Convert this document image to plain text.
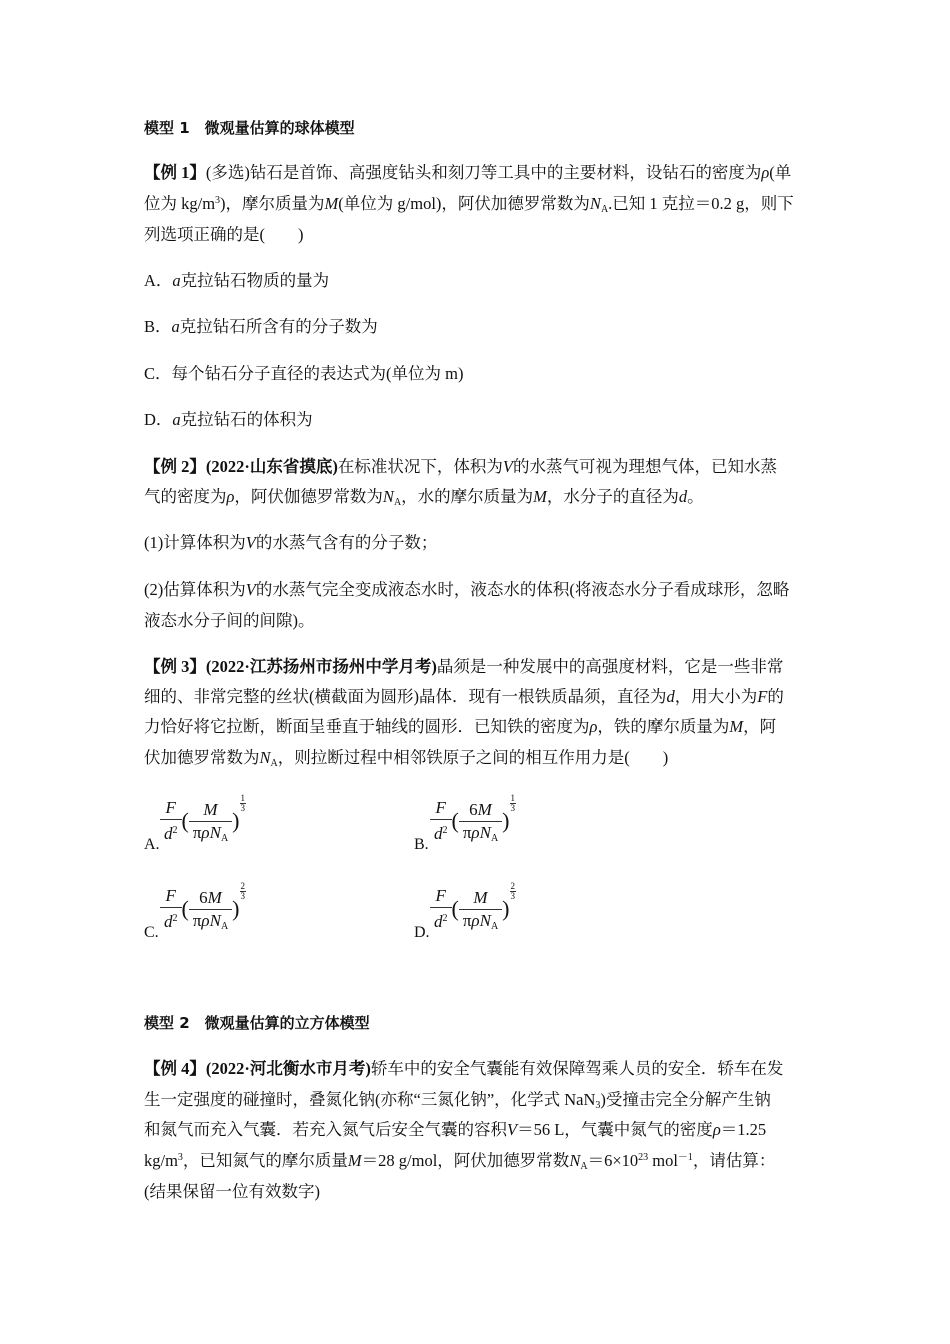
模型 1　微观量估算的球体模型
【例 1】(多选)钻石是首饰、高强度钻头和刻刀等工具中的主要材料，设钻石的密度为ρ(单
位为 $kg/m^3$)，摩尔质量为M(单位为 g/mol)，阿伏加德罗常数为$N_A$.已知 1 克拉＝0.2 g，则下
列选项正确的是(　　)
A．a克拉钻石物质的量为
B．a克拉钻石所含有的分子数为
C．每个钻石分子直径的表达式为(单位为 m)
D．a克拉钻石的体积为
【例 2】(2022·山东省摸底)在标准状况下，体积为V的水蒸气可视为理想气体，已知水蒸
气的密度为ρ，阿伏伽德罗常数为$N_A$，水的摩尔质量为M，水分子的直径为d。
(1)计算体积为V的水蒸气含有的分子数；
(2)估算体积为V的水蒸气完全变成液态水时，液态水的体积(将液态水分子看成球形，忽略
液态水分子间的间隙)。
【例 3】(2022·江苏扬州市扬州中学月考)晶须是一种发展中的高强度材料，它是一些非常
细的、非常完整的丝状(横截面为圆形)晶体．现有一根铁质晶须，直径为d，用大小为F的
力恰好将它拉断，断面呈垂直于轴线的圆形．已知铁的密度为ρ，铁的摩尔质量为M，阿
伏加德罗常数为$N_A$，则拉断过程中相邻铁原子之间的相互作用力是(　　)
A. $\frac{F}{d^2}$ ( $\frac{M}{\pi\rho N_A}$ )
$\frac{1}{3}$
B. $\frac{F}{d^2}$ ( $\frac{6M}{\pi\rho N_A}$ )
$\frac{1}{3}$
C. $\frac{F}{d^2}$ ( $\frac{6M}{\pi\rho N_A}$ )
$\frac{2}{3}$
D. $\frac{F}{d^2}$ ( $\frac{M}{\pi\rho N_A}$ )
$\frac{2}{3}$
模型 2　微观量估算的立方体模型
【例 4】(2022·河北衡水市月考)轿车中的安全气囊能有效保障驾乘人员的安全．轿车在发
生一定强度的碰撞时，叠氮化钠(亦称“三氮化钠”，化学式 NaN$_3$)受撞击完全分解产生钠
和氮气而充入气囊．若充入氮气后安全气囊的容积V＝56 L，气囊中氮气的密度ρ＝1.25
$kg/m^3$，已知氮气的摩尔质量M＝28 g/mol，阿伏加德罗常数$N_A=6\times 10^{23}$ mol$^{-1}$，请估算：
(结果保留一位有效数字)
